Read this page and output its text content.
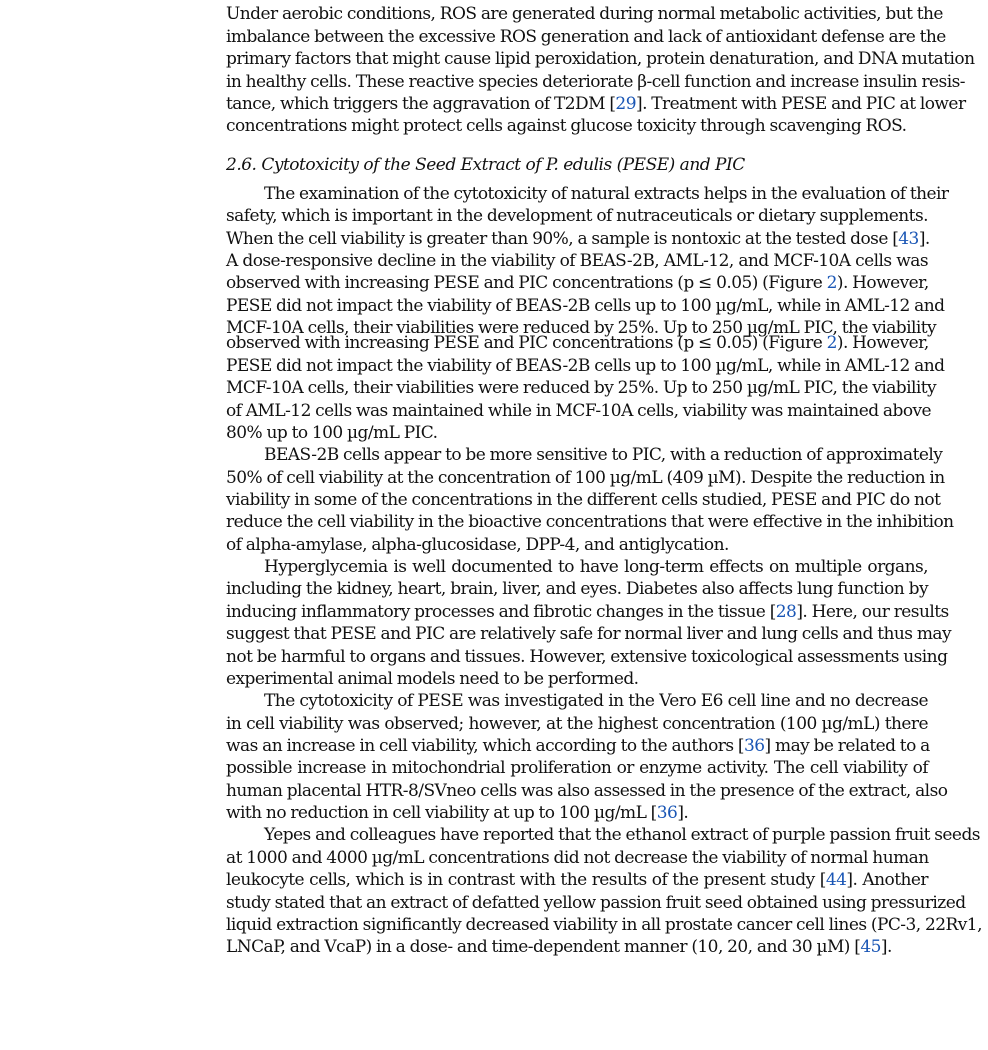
Under aerobic conditions, ROS are generated during normal metabolic activities, but the
imbalance between the excessive ROS generation and lack of antioxidant defense are the
primary factors that might cause lipid peroxidation, protein denaturation, and DNA mutation
in healthy cells. These reactive species deteriorate β-cell function and increase insulin resis-
tance, which triggers the aggravation of T2DM [29]. Treatment with PESE and PIC at lower
concentrations might protect cells against glucose toxicity through scavenging ROS.
2.6. Cytotoxicity of the Seed Extract of P. edulis (PESE) and PIC
The examination of the cytotoxicity of natural extracts helps in the evaluation of their
safety, which is important in the development of nutraceuticals or dietary supplements.
When the cell viability is greater than 90%, a sample is nontoxic at the tested dose [43].
A dose-responsive decline in the viability of BEAS-2B, AML-12, and MCF-10A cells was
observed with increasing PESE and PIC concentrations (p ≤ 0.05) (Figure 2). However,
PESE did not impact the viability of BEAS-2B cells up to 100 µg/mL, while in AML-12 and
MCF-10A cells, their viabilities were reduced by 25%. Up to 250 µg/mL PIC, the viability
observed with increasing PESE and PIC concentrations (p ≤ 0.05) (Figure 2). However,
PESE did not impact the viability of BEAS-2B cells up to 100 µg/mL, while in AML-12 and
MCF-10A cells, their viabilities were reduced by 25%. Up to 250 µg/mL PIC, the viability
of AML-12 cells was maintained while in MCF-10A cells, viability was maintained above
80% up to 100 µg/mL PIC.
BEAS-2B cells appear to be more sensitive to PIC, with a reduction of approximately
50% of cell viability at the concentration of 100 µg/mL (409 µM). Despite the reduction in
viability in some of the concentrations in the different cells studied, PESE and PIC do not
reduce the cell viability in the bioactive concentrations that were effective in the inhibition
of alpha-amylase, alpha-glucosidase, DPP-4, and antiglycation.
Hyperglycemia is well documented to have long-term effects on multiple organs,
including the kidney, heart, brain, liver, and eyes. Diabetes also affects lung function by
inducing inflammatory processes and fibrotic changes in the tissue [28]. Here, our results
suggest that PESE and PIC are relatively safe for normal liver and lung cells and thus may
not be harmful to organs and tissues. However, extensive toxicological assessments using
experimental animal models need to be performed.
The cytotoxicity of PESE was investigated in the Vero E6 cell line and no decrease
in cell viability was observed; however, at the highest concentration (100 µg/mL) there
was an increase in cell viability, which according to the authors [36] may be related to a
possible increase in mitochondrial proliferation or enzyme activity. The cell viability of
human placental HTR-8/SVneo cells was also assessed in the presence of the extract, also
with no reduction in cell viability at up to 100 µg/mL [36].
Yepes and colleagues have reported that the ethanol extract of purple passion fruit seeds
at 1000 and 4000 µg/mL concentrations did not decrease the viability of normal human
leukocyte cells, which is in contrast with the results of the present study [44]. Another
study stated that an extract of defatted yellow passion fruit seed obtained using pressurized
liquid extraction significantly decreased viability in all prostate cancer cell lines (PC-3, 22Rv1,
LNCaP, and VcaP) in a dose- and time-dependent manner (10, 20, and 30 µM) [45].
